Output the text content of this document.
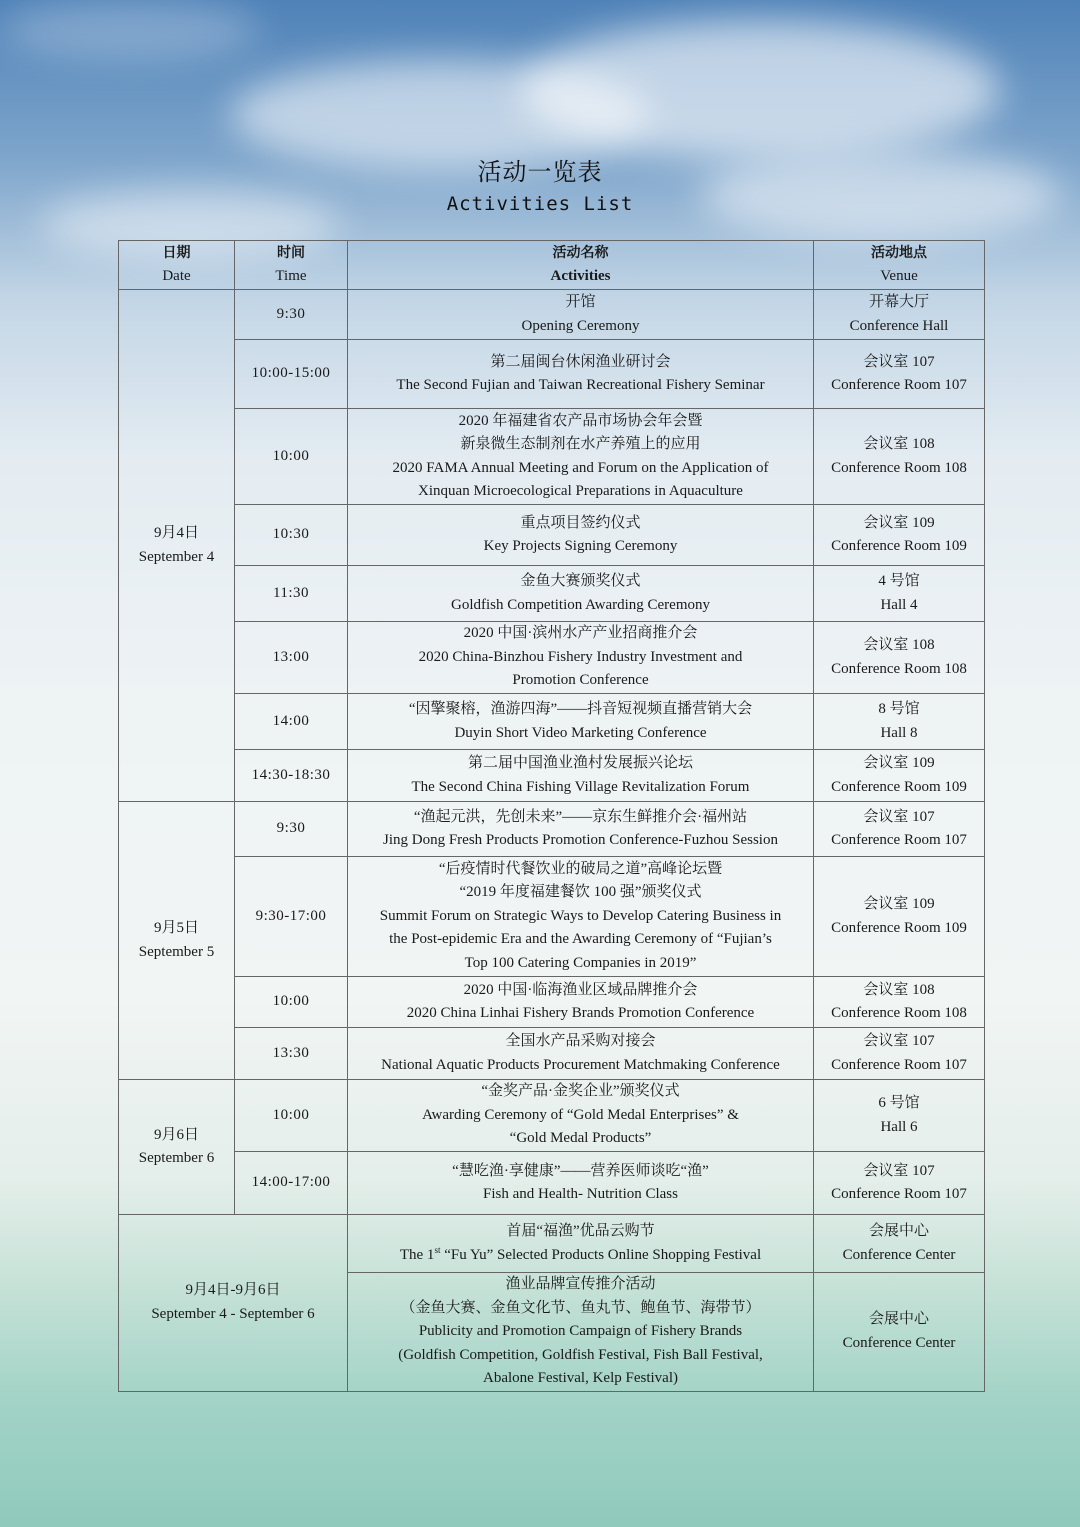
活动一览表
Activities List
日期
Date	时间
Time	活动名称
Activities	活动地点
Venue

9月4日
September 4	9:30	开馆
Opening Ceremony	开幕大厅
Conference Hall

	10:00-15:00	第二届闽台休闲渔业研讨会
The Second Fujian and Taiwan Recreational Fishery Seminar	会议室 107
Conference Room 107

	10:00	2020 年福建省农产品市场协会年会暨
新泉微生态制剂在水产养殖上的应用
2020 FAMA Annual Meeting and Forum on the Application of
Xinquan Microecological Preparations in Aquaculture	会议室 108
Conference Room 108

	10:30	重点项目签约仪式
Key Projects Signing Ceremony	会议室 109
Conference Room 109

	11:30	金鱼大赛颁奖仪式
Goldfish Competition Awarding Ceremony	4 号馆
Hall 4

	13:00	2020 中国·滨州水产产业招商推介会
2020 China-Binzhou Fishery Industry Investment and
Promotion Conference	会议室 108
Conference Room 108

	14:00	“因擎聚榕，渔游四海”——抖音短视频直播营销大会
Duyin Short Video Marketing Conference	8 号馆
Hall 8

	14:30-18:30	第二届中国渔业渔村发展振兴论坛
The Second China Fishing Village Revitalization Forum	会议室 109
Conference Room 109

9月5日
September 5	9:30	“渔起元洪，先创未来”——京东生鲜推介会·福州站
Jing Dong Fresh Products Promotion Conference-Fuzhou Session	会议室 107
Conference Room 107

	9:30-17:00	“后疫情时代餐饮业的破局之道”高峰论坛暨
“2019 年度福建餐饮 100 强”颁奖仪式
Summit Forum on Strategic Ways to Develop Catering Business in
the Post-epidemic Era and the Awarding Ceremony of “Fujian’s
Top 100 Catering Companies in 2019”	会议室 109
Conference Room 109

	10:00	2020 中国·临海渔业区域品牌推介会
2020 China Linhai Fishery Brands Promotion Conference	会议室 108
Conference Room 108

	13:30	全国水产品采购对接会
National Aquatic Products Procurement Matchmaking Conference	会议室 107
Conference Room 107

9月6日
September 6	10:00	“金奖产品·金奖企业”颁奖仪式
Awarding Ceremony of “Gold Medal Enterprises” &
“Gold Medal Products”	6 号馆
Hall 6

	14:00-17:00	“慧吃渔·享健康”——营养医师谈吃“渔”
Fish and Health- Nutrition Class	会议室 107
Conference Room 107

9月4日-9月6日
September 4 - September 6		首届“福渔”优品云购节
The 1st “Fu Yu” Selected Products Online Shopping Festival	会展中心
Conference Center

		渔业品牌宣传推介活动
（金鱼大赛、金鱼文化节、鱼丸节、鲍鱼节、海带节）
Publicity and Promotion Campaign of Fishery Brands
(Goldfish Competition, Goldfish Festival, Fish Ball Festival,
Abalone Festival, Kelp Festival)	会展中心
Conference Center
